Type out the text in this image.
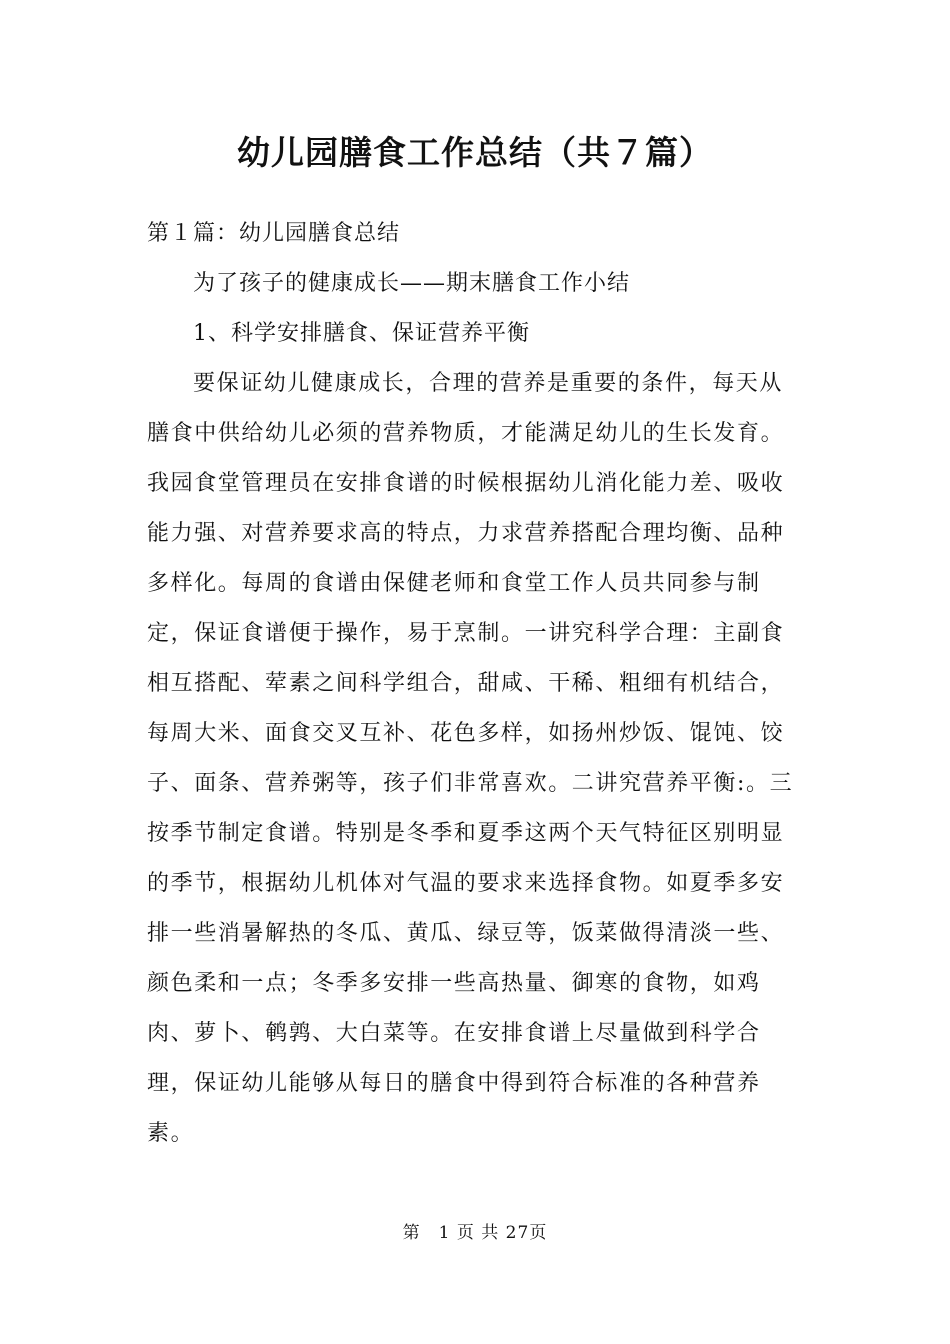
幼儿园膳食工作总结（共７篇）
第１篇：幼儿园膳食总结
为了孩子的健康成长——期末膳食工作小结
1、科学安排膳食、保证营养平衡
要保证幼儿健康成长，合理的营养是重要的条件，每天从
膳食中供给幼儿必须的营养物质，才能满足幼儿的生长发育。
我园食堂管理员在安排食谱的时候根据幼儿消化能力差、吸收
能力强、对营养要求高的特点，力求营养搭配合理均衡、品种
多样化。每周的食谱由保健老师和食堂工作人员共同参与制
定，保证食谱便于操作，易于烹制。一讲究科学合理：主副食
相互搭配、荤素之间科学组合，甜咸、干稀、粗细有机结合，
每周大米、面食交叉互补、花色多样，如扬州炒饭、馄饨、饺
子、面条、营养粥等，孩子们非常喜欢。二讲究营养平衡:。三
按季节制定食谱。特别是冬季和夏季这两个天气特征区别明显
的季节，根据幼儿机体对气温的要求来选择食物。如夏季多安
排一些消暑解热的冬瓜、黄瓜、绿豆等，饭菜做得清淡一些、
颜色柔和一点；冬季多安排一些高热量、御寒的食物，如鸡
肉、萝卜、鹌鹑、大白菜等。在安排食谱上尽量做到科学合
理，保证幼儿能够从每日的膳食中得到符合标准的各种营养
素。
第　1 页 共 27页
